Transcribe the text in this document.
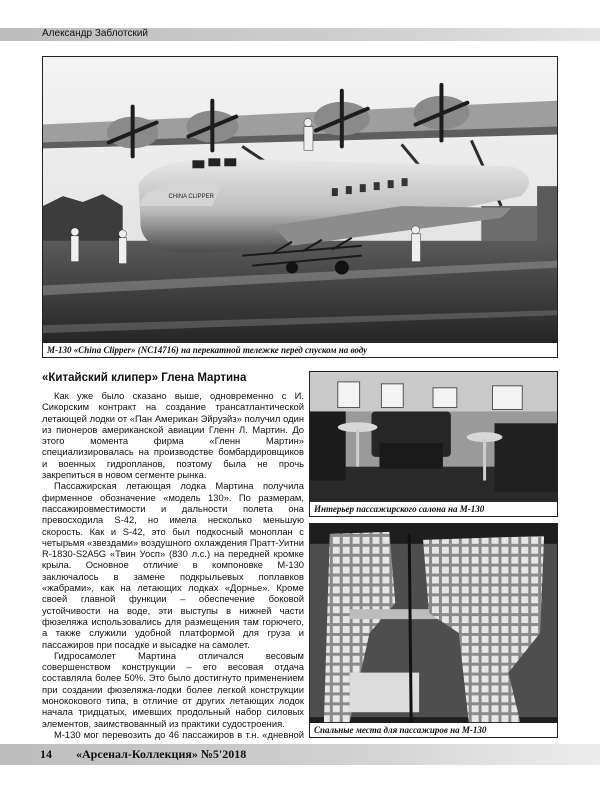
Александр Заблотский
CHINA CLIPPER
М-130 «China Clipper» (NC14716) на перекатной тележке перед спуском на воду
«Китайский клипер» Глена Мартина

Как уже было сказано выше, одновременно с И. Сикорским контракт на создание трансатлантической летающей лодки от «Пан Американ Эйруэйз» получил один из пионеров американской авиации Гленн Л. Мартин. До этого момента фирма «Гленн Мартин» специализировалась на производстве бомбардировщиков и военных гидропланов, поэтому была не прочь закрепиться в новом сегменте рынка.

Пассажирская летающая лодка Мартина получила фирменное обозначение «модель 130». По размерам, пассажировместимости и дальности полета она превосходила S-42, но имела несколько меньшую скорость. Как и S-42, это был подкосный моноплан с четырьмя «звездами» воздушного охлаждения Пратт-Уитни R-1830-S2A5G «Твин Уосп» (830 л.с.) на передней кромке крыла. Основное отличие в компоновке М-130 заключалось в замене подкрыльевых поплавков «жабрами», как на летающих лодках «Дорнье». Кроме своей главной функции – обеспечение боковой устойчивости на воде, эти выступы в нижней части фюзеляжа использовались для размещения там горючего, а также служили удобной платформой для груза и пассажиров при посадке и высадке на самолет.

Гидросамолет Мартина отличался весовым совершенством конструкции – его весовая отдача составляла более 50%. Это было достигнуто применением при создании фюзеляжа-лодки более легкой конструкции монококового типа, в отличие от других летающих лодок начала тридцатых, имевших продольный набор силовых элементов, заимствованный из практики судостроения.

М-130 мог перевозить до 46 пассажиров в т.н. «дневной

Интерьер пассажирского салона на М-130
Спальные места для пассажиров на М-130
14 «Арсенал-Коллекция» №5'2018
